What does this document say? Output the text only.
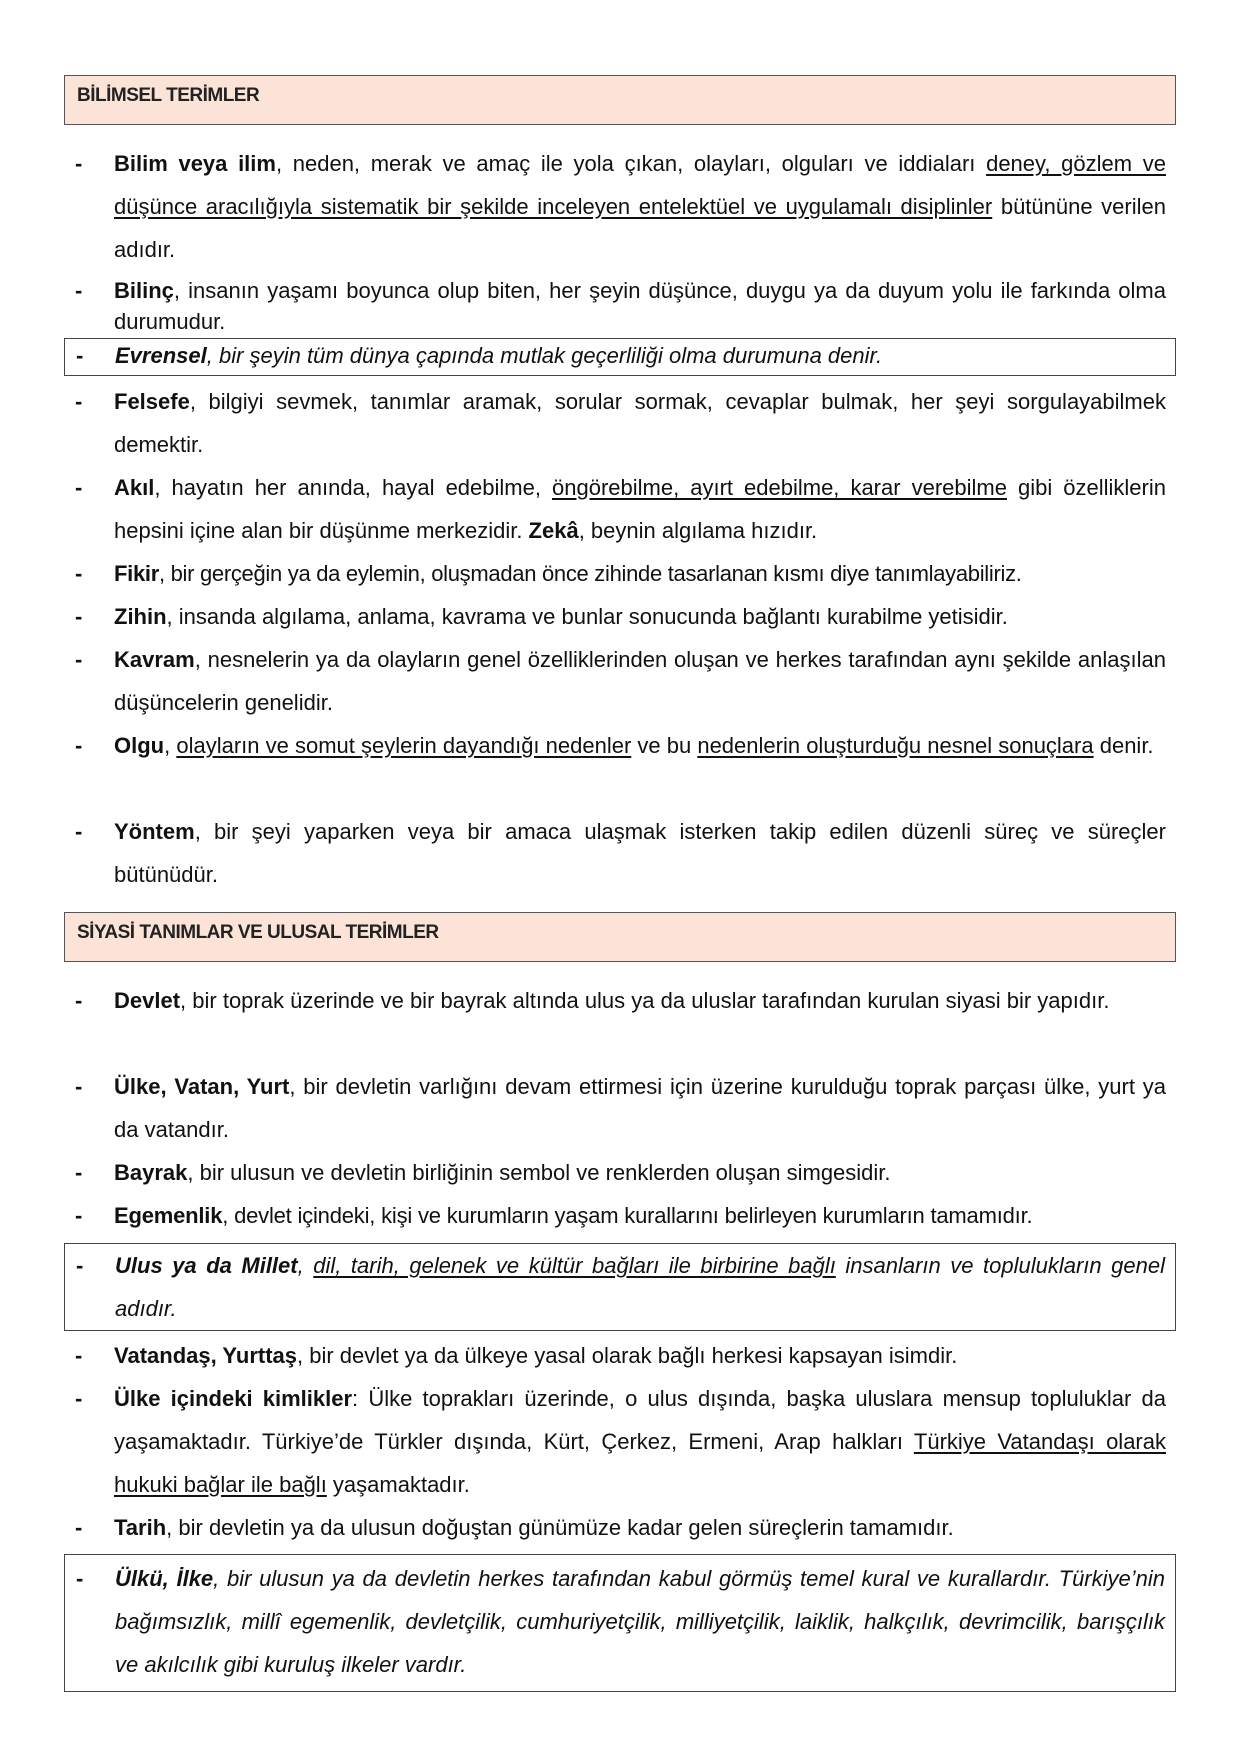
BİLİMSEL TERİMLER
- Bilim veya ilim, neden, merak ve amaç ile yola çıkan, olayları, olguları ve iddiaları deney, gözlem ve düşünce aracılığıyla sistematik bir şekilde inceleyen entelektüel ve uygulamalı disiplinler bütününe verilen adıdır.
- Bilinç, insanın yaşamı boyunca olup biten, her şeyin düşünce, duygu ya da duyum yolu ile farkında olma durumudur.
- Evrensel, bir şeyin tüm dünya çapında mutlak geçerliliği olma durumuna denir.
- Felsefe, bilgiyi sevmek, tanımlar aramak, sorular sormak, cevaplar bulmak, her şeyi sorgulayabilmek demektir.
- Akıl, hayatın her anında, hayal edebilme, öngörebilme, ayırt edebilme, karar verebilme gibi özelliklerin hepsini içine alan bir düşünme merkezidir. Zekâ, beynin algılama hızıdır.
- Fikir, bir gerçeğin ya da eylemin, oluşmadan önce zihinde tasarlanan kısmı diye tanımlayabiliriz.
- Zihin, insanda algılama, anlama, kavrama ve bunlar sonucunda bağlantı kurabilme yetisidir.
- Kavram, nesnelerin ya da olayların genel özelliklerinden oluşan ve herkes tarafından aynı şekilde anlaşılan düşüncelerin genelidir.
- Olgu, olayların ve somut şeylerin dayandığı nedenler ve bu nedenlerin oluşturduğu nesnel sonuçlara denir.
- Yöntem, bir şeyi yaparken veya bir amaca ulaşmak isterken takip edilen düzenli süreç ve süreçler bütünüdür.
SİYASİ TANIMLAR VE ULUSAL TERİMLER
- Devlet, bir toprak üzerinde ve bir bayrak altında ulus ya da uluslar tarafından kurulan siyasi bir yapıdır.
- Ülke, Vatan, Yurt, bir devletin varlığını devam ettirmesi için üzerine kurulduğu toprak parçası ülke, yurt ya da vatandır.
- Bayrak, bir ulusun ve devletin birliğinin sembol ve renklerden oluşan simgesidir.
- Egemenlik, devlet içindeki, kişi ve kurumların yaşam kurallarını belirleyen kurumların tamamıdır.
- Ulus ya da Millet, dil, tarih, gelenek ve kültür bağları ile birbirine bağlı insanların ve toplulukların genel adıdır.
- Vatandaş, Yurttaş, bir devlet ya da ülkeye yasal olarak bağlı herkesi kapsayan isimdir.
- Ülke içindeki kimlikler: Ülke toprakları üzerinde, o ulus dışında, başka uluslara mensup topluluklar da yaşamaktadır. Türkiye’de Türkler dışında, Kürt, Çerkez, Ermeni, Arap halkları Türkiye Vatandaşı olarak hukuki bağlar ile bağlı yaşamaktadır.
- Tarih, bir devletin ya da ulusun doğuştan günümüze kadar gelen süreçlerin tamamıdır.
- Ülkü, İlke, bir ulusun ya da devletin herkes tarafından kabul görmüş temel kural ve kurallardır. Türkiye’nin bağımsızlık, millî egemenlik, devletçilik, cumhuriyetçilik, milliyetçilik, laiklik, halkçılık, devrimcilik, barışçılık ve akılcılık gibi kuruluş ilkeler vardır.
